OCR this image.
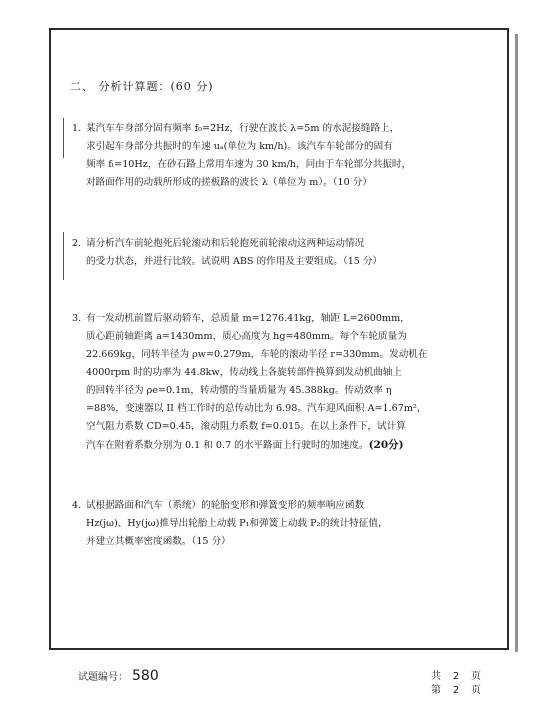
二、 分析计算题：(60 分)
1. 某汽车车身部分固有频率 f₀=2Hz，行驶在波长 λ=5m 的水泥接缝路上，
求引起车身部分共振时的车速 uₐ(单位为 km/h)。该汽车车轮部分的固有
频率 fₜ=10Hz，在砂石路上常用车速为 30 km/h，问由于车轮部分共振时，
对路面作用的动载所形成的搓板路的波长 λ（单位为 m）。（10 分）
2. 请分析汽车前轮抱死后轮滚动和后轮抱死前轮滚动这两种运动情况
的受力状态，并进行比较。试说明 ABS 的作用及主要组成。（15 分）
3. 有一发动机前置后驱动轿车，总质量 m=1276.41kg，轴距 L=2600mm，
质心距前轴距离 a=1430mm，质心高度为 hg=480mm。每个车轮质量为
22.669kg，同转半径为 ρw=0.279m，车轮的滚动半径 r=330mm。发动机在
4000rpm 时的功率为 44.8kw，传动线上各旋转部件换算到发动机曲轴上
的回转半径为 ρe=0.1m，转动惯的当量质量为 45.388kg。传动效率 η
=88%，变速器以 II 档工作时的总传动比为 6.98。汽车迎风面积 A=1.67m²，
空气阻力系数 CD=0.45，滚动阻力系数 f=0.015。在以上条件下，试计算
汽车在附着系数分别为 0.1 和 0.7 的水平路面上行驶时的加速度。(20分)
4. 试根据路面和汽车（系统）的轮胎变形和弹簧变形的频率响应函数
Hz(jω)、Hy(jω)推导出轮胎上动载 P₁和弹簧上动载 P₂的统计特征值，
并建立其概率密度函数。（15 分）
试题编号： 580	共 2 页
第 2 页
